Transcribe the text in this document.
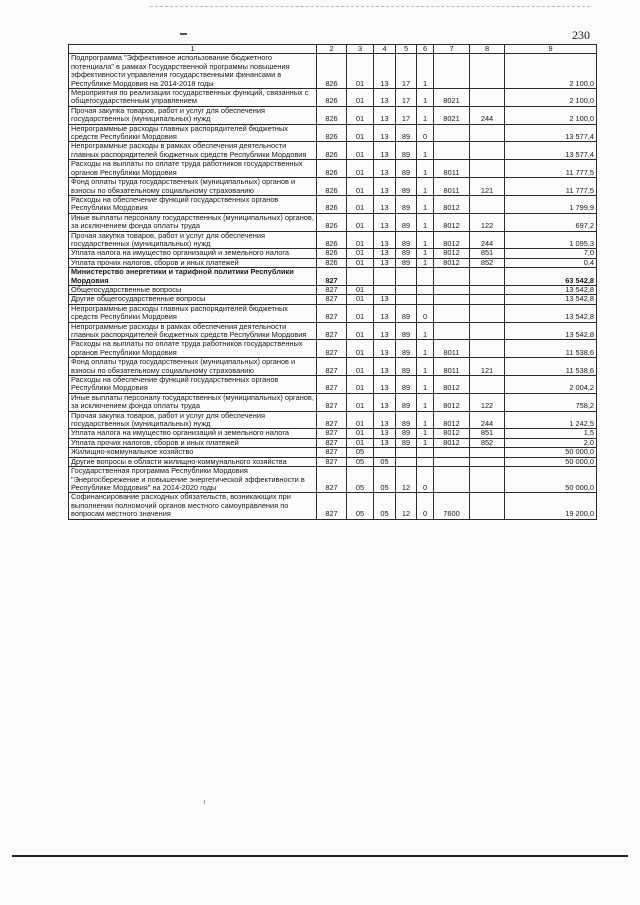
230
1	2	3	4	5	6	7	8	9
Подпрограмма "Эффективное использование бюджетного потенциала" в рамках Государственной программы повышения эффективности управления государственными финансами в Республике Мордовия на 2014-2018 годы	826	01	13	17	1			2 100,0
Мероприятия по реализации государственных функций, связанных с общегосударственным управлением	826	01	13	17	1	8021		2 100,0
Прочая закупка товаров, работ и услуг для обеспечения государственных (муниципальных) нужд	826	01	13	17	1	8021	244	2 100,0
Непрограммные расходы главных распорядителей бюджетных средств Республики Мордовия	826	01	13	89	0			13 577,4
Непрограммные расходы в рамках обеспечения деятельности главных распорядителей бюджетных средств Республики Мордовия	826	01	13	89	1			13 577,4
Расходы на выплаты по оплате труда работников государственных органов Республики Мордовия	826	01	13	89	1	8011		11 777,5
Фонд оплаты труда государственных (муниципальных) органов и взносы по обязательному социальному страхованию	826	01	13	89	1	8011	121	11 777,5
Расходы на обеспечение функций государственных органов Республики Мордовия	826	01	13	89	1	8012		1 799,9
Иные выплаты персоналу государственных (муниципальных) органов, за исключением фонда оплаты труда	826	01	13	89	1	8012	122	697,2
Прочая закупка товаров, работ и услуг для обеспечения государственных (муниципальных) нужд	826	01	13	89	1	8012	244	1 095,3
Уплата налога на имущество организаций и земельного налога	826	01	13	89	1	8012	851	7,0
Уплата прочих налогов, сборов и иных платежей	826	01	13	89	1	8012	852	0,4
Министерство энергетики и тарифной политики Республики Мордовия	827							63 542,8
Общегосударственные вопросы	827	01						13 542,8
Другие общегосударственные вопросы	827	01	13					13 542,8
Непрограммные расходы главных распорядителей бюджетных средств Республики Мордовия	827	01	13	89	0			13 542,8
Непрограммные расходы в рамках обеспечения деятельности главных распорядителей бюджетных средств Республики Мордовия	827	01	13	89	1			13 542,8
Расходы на выплаты по оплате труда работников государственных органов Республики Мордовия	827	01	13	89	1	8011		11 538,6
Фонд оплаты труда государственных (муниципальных) органов и взносы по обязательному социальному страхованию	827	01	13	89	1	8011	121	11 538,6
Расходы на обеспечение функций государственных органов Республики Мордовия	827	01	13	89	1	8012		2 004,2
Иные выплаты персоналу государственных (муниципальных) органов, за исключением фонда оплаты труда	827	01	13	89	1	8012	122	758,2
Прочая закупка товаров, работ и услуг для обеспечения государственных (муниципальных) нужд	827	01	13	89	1	8012	244	1 242,5
Уплата налога на имущество организаций и земельного налога	827	01	13	89	1	8012	851	1,5
Уплата прочих налогов, сборов и иных платежей	827	01	13	89	1	8012	852	2,0
Жилищно-коммунальное хозяйство	827	05						50 000,0
Другие вопросы в области жилищно-коммунального хозяйства	827	05	05					50 000,0
Государственная программа Республики Мордовия "Энергосбережение и повышение энергетической эффективности в Республике Мордовия" на 2014-2020 годы	827	05	05	12	0			50 000,0
Софинансирование расходных обязательств, возникающих при выполнении полномочий органов местного самоуправления по вопросам местного значения	827	05	05	12	0	7600		19 200,0
